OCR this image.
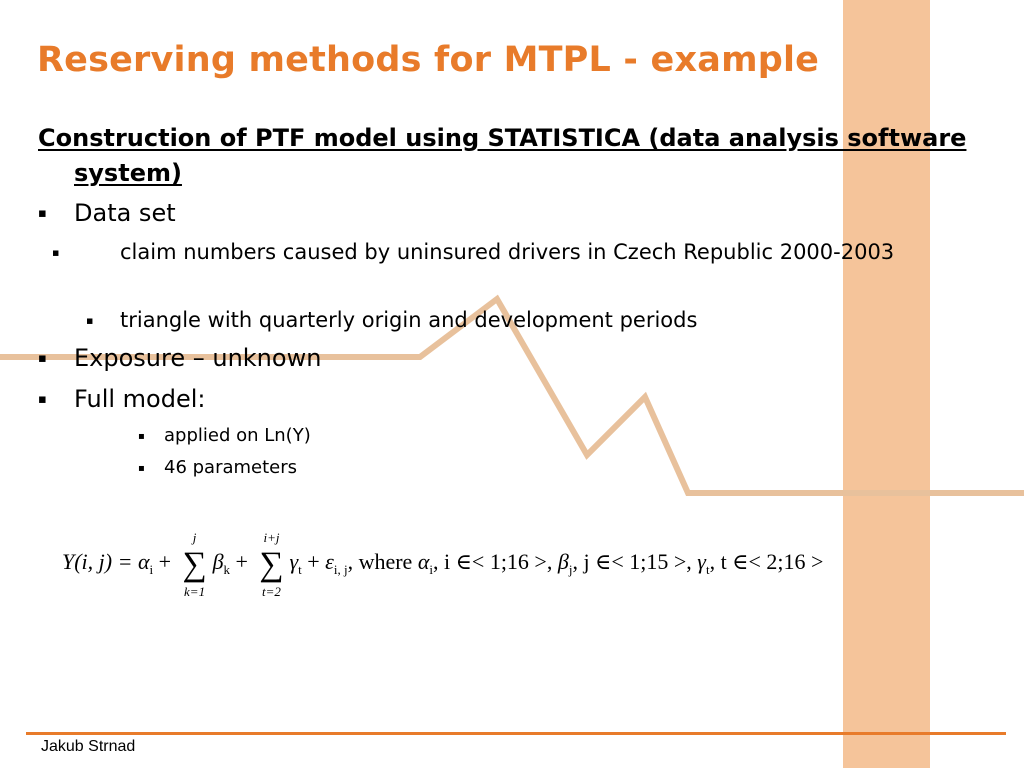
Reserving methods for MTPL - example
Construction of PTF model using STATISTICA (data analysis software system)
▪ Data set
▪	claim numbers caused by uninsured drivers in Czech Republic 2000-2003
▪ triangle with quarterly origin and development periods
▪ Exposure – unknown
▪ Full model:
▪ applied on Ln(Y)
▪ 46 parameters
Y(i, $j) = \alpha_i$ +
j
∑
k=1
$\beta_k$ +
i+j
∑
t=2
$\gamma_t + \varepsilon_{i, j}$, where $\alpha_i$, i ∈< 1;16 >, $\beta_j$, j ∈< 1;15 >, $\gamma_t$, t ∈< 2;16 >
Jakub Strnad
